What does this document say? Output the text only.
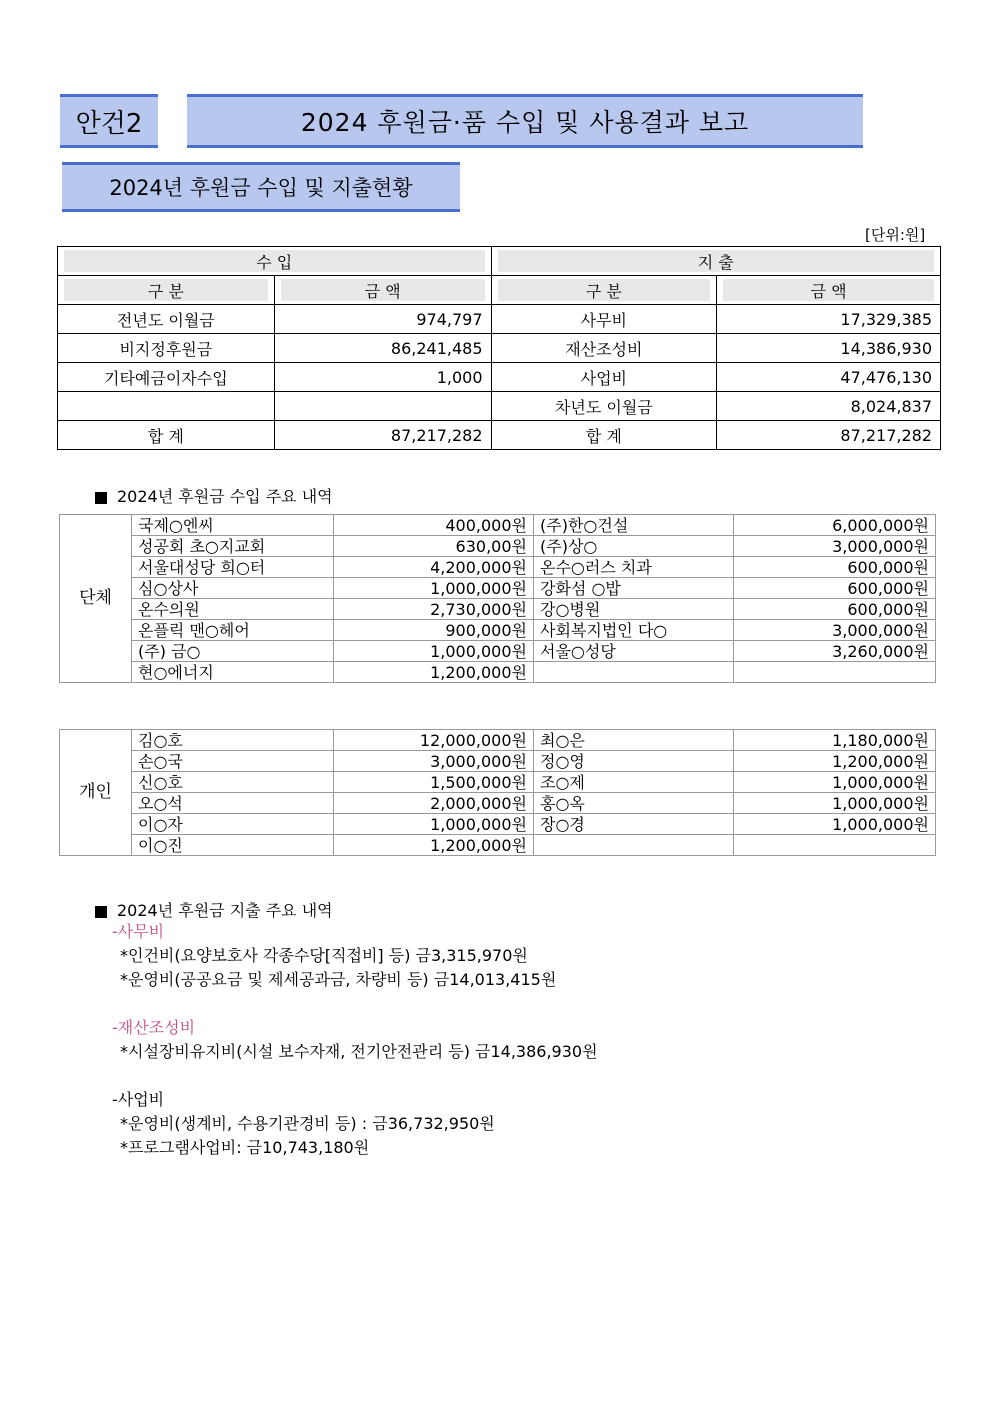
안건2	2024 후원금·품 수입 및 사용결과 보고
2024년 후원금 수입 및 지출현황
[단위:원]
수 입		지 출	

구 분	금 액	구 분	금 액

전년도 이월금	974,797	사무비	17,329,385
비지정후원금	86,241,485	재산조성비	14,386,930
기타예금이자수입	1,000	사업비	47,476,130
		차년도 이월금	8,024,837
합 계	87,217,282	합 계	87,217,282
2024년 후원금 수입 주요 내역
단체	국제○엔씨	400,000원	(주)한○건설	6,000,000원
	성공회 초○지교회	630,00원	(주)상○	3,000,000원
	서울대성당 희○터	4,200,000원	온수○러스 치과	600,000원
	심○상사	1,000,000원	강화섬 ○밥	600,000원
	온수의원	2,730,000원	강○병원	600,000원
	온플릭 맨○헤어	900,000원	사회복지법인 다○	3,000,000원
	(주) 금○	1,000,000원	서울○성당	3,260,000원
	현○에너지	1,200,000원		
개인	김○호	12,000,000원	최○은	1,180,000원
	손○국	3,000,000원	정○영	1,200,000원
	신○호	1,500,000원	조○제	1,000,000원
	오○석	2,000,000원	홍○옥	1,000,000원
	이○자	1,000,000원	장○경	1,000,000원
	이○진	1,200,000원		
2024년 후원금 지출 주요 내역
-사무비
*인건비(요양보호사 각종수당[직접비] 등) 금3,315,970원
*운영비(공공요금 및 제세공과금, 차량비 등) 금14,013,415원
-재산조성비
*시설장비유지비(시설 보수자재, 전기안전관리 등) 금14,386,930원
-사업비
*운영비(생계비, 수용기관경비 등) : 금36,732,950원
*프로그램사업비: 금10,743,180원
